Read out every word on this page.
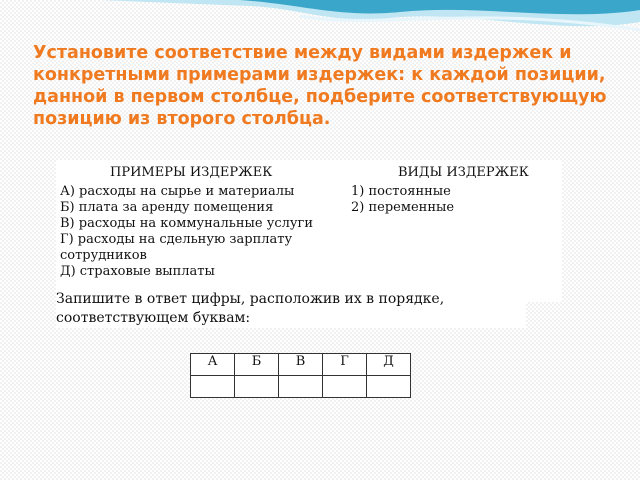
Установите соответствие между видами издержек и конкретными примерами издержек: к каждой позиции, данной в первом столбце, подберите соответствующую позицию из второго столбца.

ПРИМЕРЫ ИЗДЕРЖЕК	ВИДЫ ИЗДЕРЖЕК
А) расходы на сырье и материалы
Б) плата за аренду помещения
В) расходы на коммунальные услуги
Г) расходы на сдельную зарплату сотрудников
Д) страховые выплаты
1) постоянные
2) переменные

Запишите в ответ цифры, расположив их в порядке, соответствующем буквам:

А	Б	В	Г	Д
